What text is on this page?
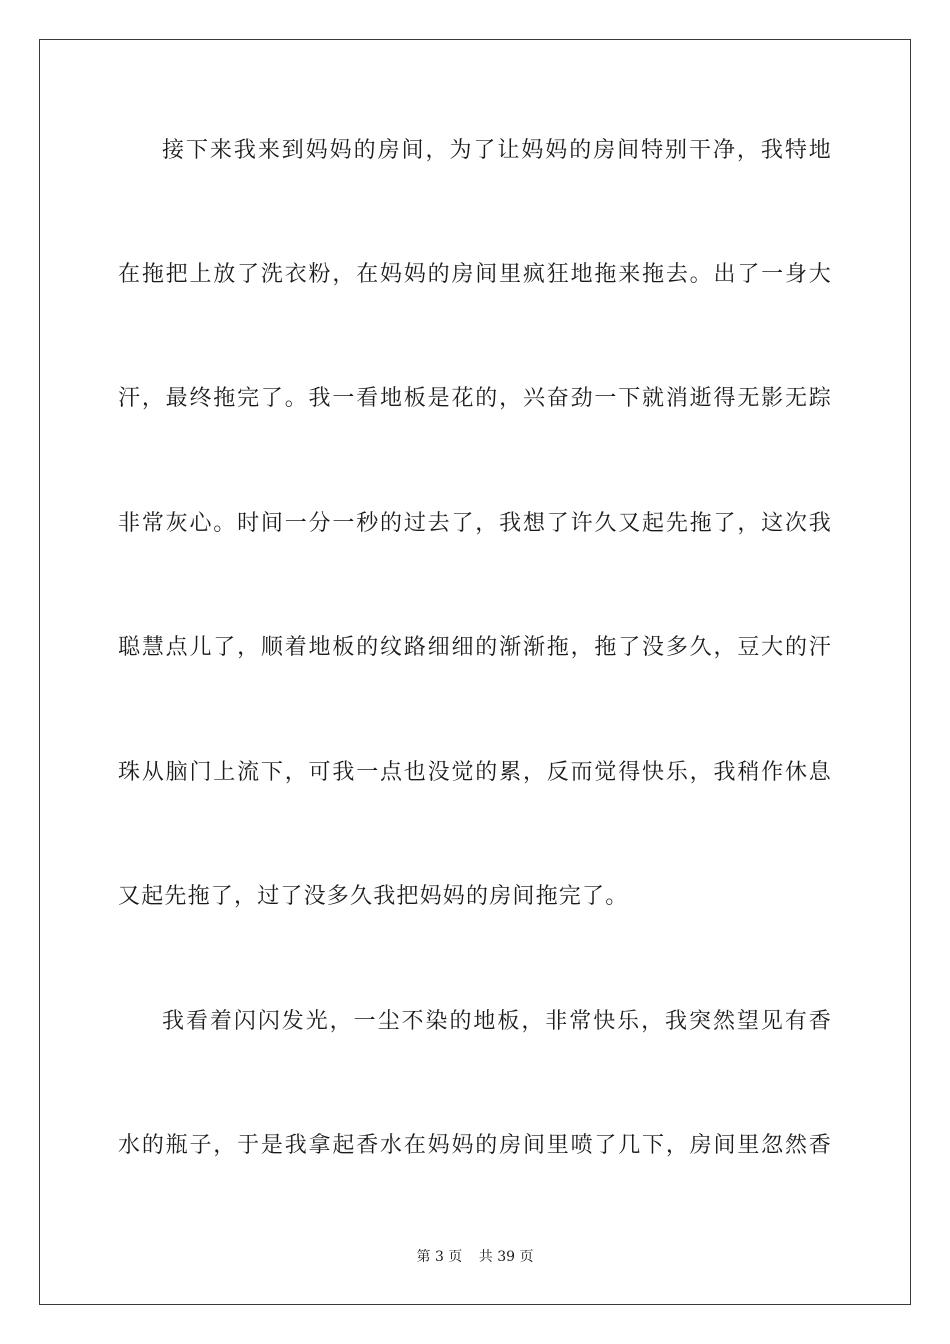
接下来我来到妈妈的房间，为了让妈妈的房间特别干净，我特地
在拖把上放了洗衣粉，在妈妈的房间里疯狂地拖来拖去。出了一身大
汗，最终拖完了。我一看地板是花的，兴奋劲一下就消逝得无影无踪
非常灰心。时间一分一秒的过去了，我想了许久又起先拖了，这次我
聪慧点儿了，顺着地板的纹路细细的渐渐拖，拖了没多久，豆大的汗
珠从脑门上流下，可我一点也没觉的累，反而觉得快乐，我稍作休息
又起先拖了，过了没多久我把妈妈的房间拖完了。
我看着闪闪发光，一尘不染的地板，非常快乐，我突然望见有香
水的瓶子，于是我拿起香水在妈妈的房间里喷了几下，房间里忽然香
第 3 页 共 39 页
